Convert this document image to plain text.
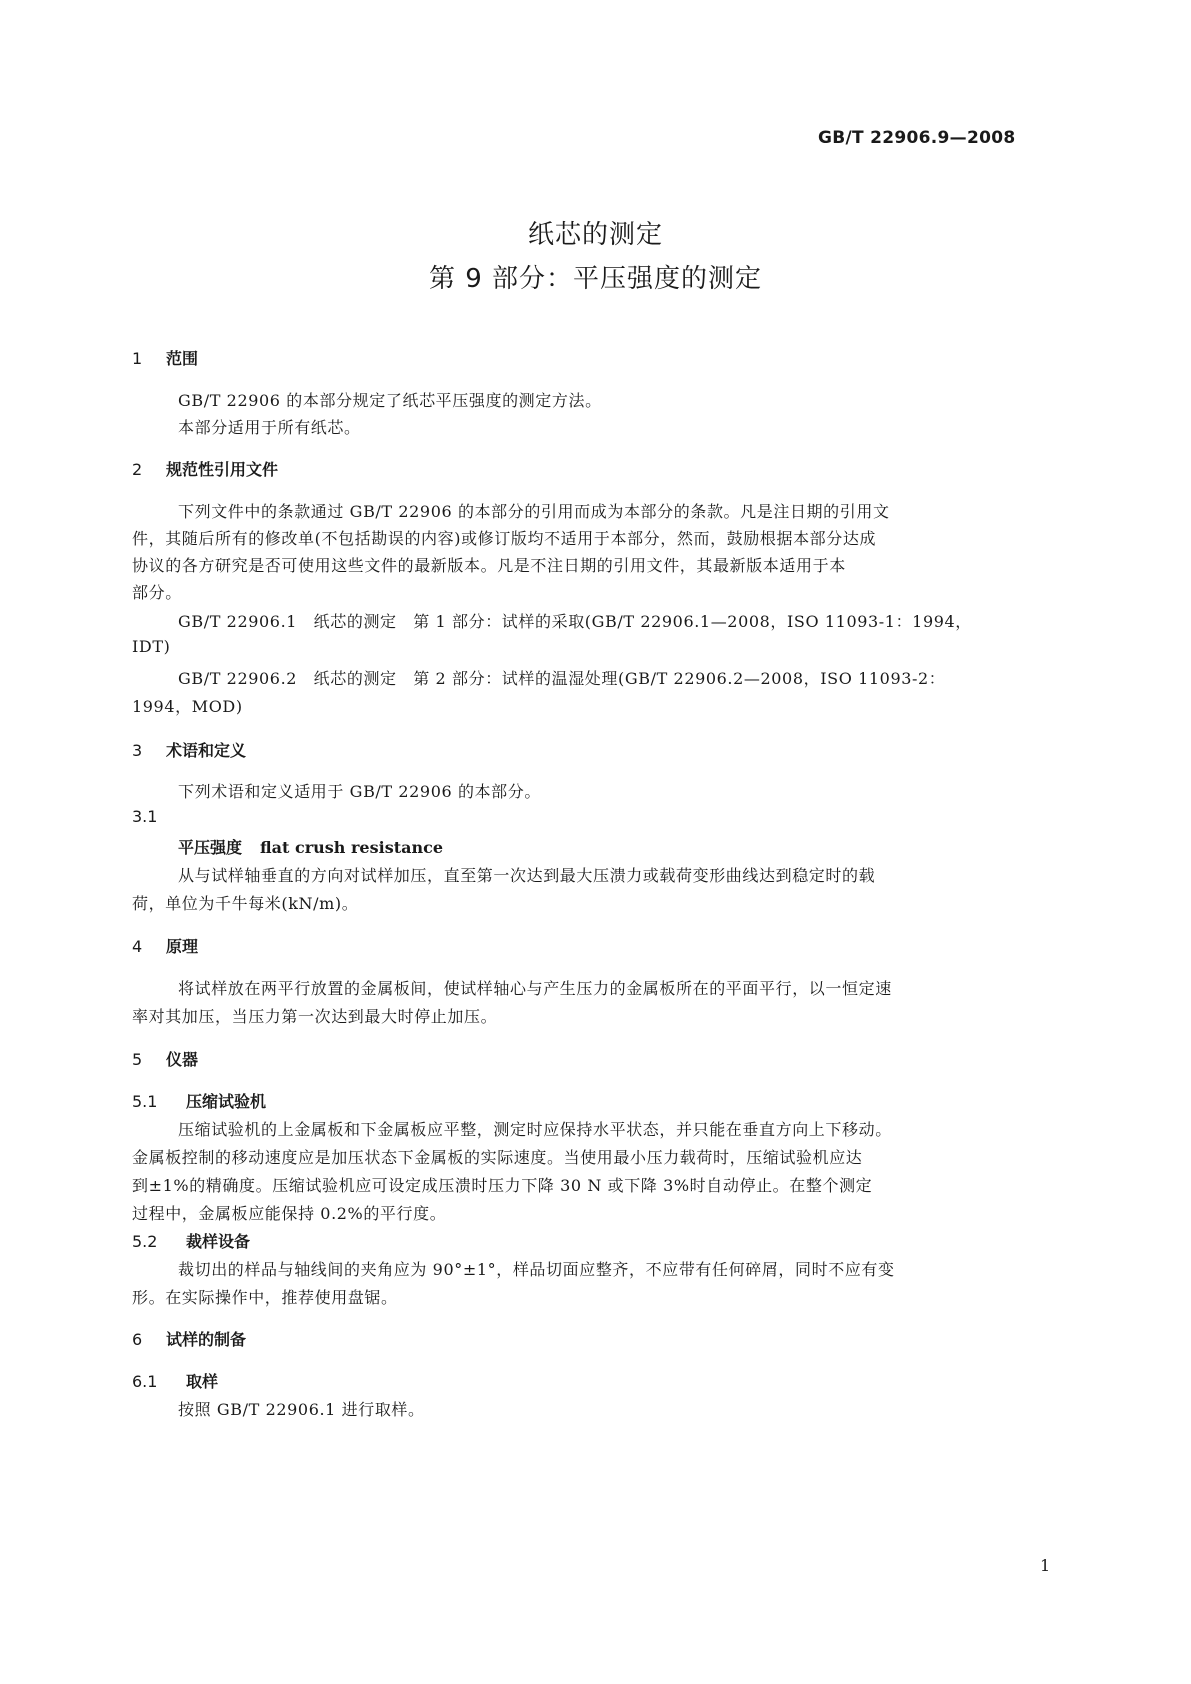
GB/T 22906.9—2008
纸芯的测定
第 9 部分：平压强度的测定
1 范围
GB/T 22906 的本部分规定了纸芯平压强度的测定方法。
本部分适用于所有纸芯。
2 规范性引用文件
下列文件中的条款通过 GB/T 22906 的本部分的引用而成为本部分的条款。凡是注日期的引用文
件，其随后所有的修改单(不包括勘误的内容)或修订版均不适用于本部分，然而，鼓励根据本部分达成
协议的各方研究是否可使用这些文件的最新版本。凡是不注日期的引用文件，其最新版本适用于本
部分。
GB/T 22906.1　纸芯的测定　第 1 部分：试样的采取(GB/T 22906.1—2008，ISO 11093-1：1994，
IDT)
GB/T 22906.2　纸芯的测定　第 2 部分：试样的温湿处理(GB/T 22906.2—2008，ISO 11093-2：
1994，MOD)
3 术语和定义
下列术语和定义适用于 GB/T 22906 的本部分。
3.1
平压强度 flat crush resistance
从与试样轴垂直的方向对试样加压，直至第一次达到最大压溃力或载荷变形曲线达到稳定时的载
荷，单位为千牛每米(kN/m)。
4 原理
将试样放在两平行放置的金属板间，使试样轴心与产生压力的金属板所在的平面平行，以一恒定速
率对其加压，当压力第一次达到最大时停止加压。
5 仪器
5.1 压缩试验机
压缩试验机的上金属板和下金属板应平整，测定时应保持水平状态，并只能在垂直方向上下移动。
金属板控制的移动速度应是加压状态下金属板的实际速度。当使用最小压力载荷时，压缩试验机应达
到±1%的精确度。压缩试验机应可设定成压溃时压力下降 30 N 或下降 3%时自动停止。在整个测定
过程中，金属板应能保持 0.2%的平行度。
5.2 裁样设备
裁切出的样品与轴线间的夹角应为 90°±1°，样品切面应整齐，不应带有任何碎屑，同时不应有变
形。在实际操作中，推荐使用盘锯。
6 试样的制备
6.1 取样
按照 GB/T 22906.1 进行取样。
1
